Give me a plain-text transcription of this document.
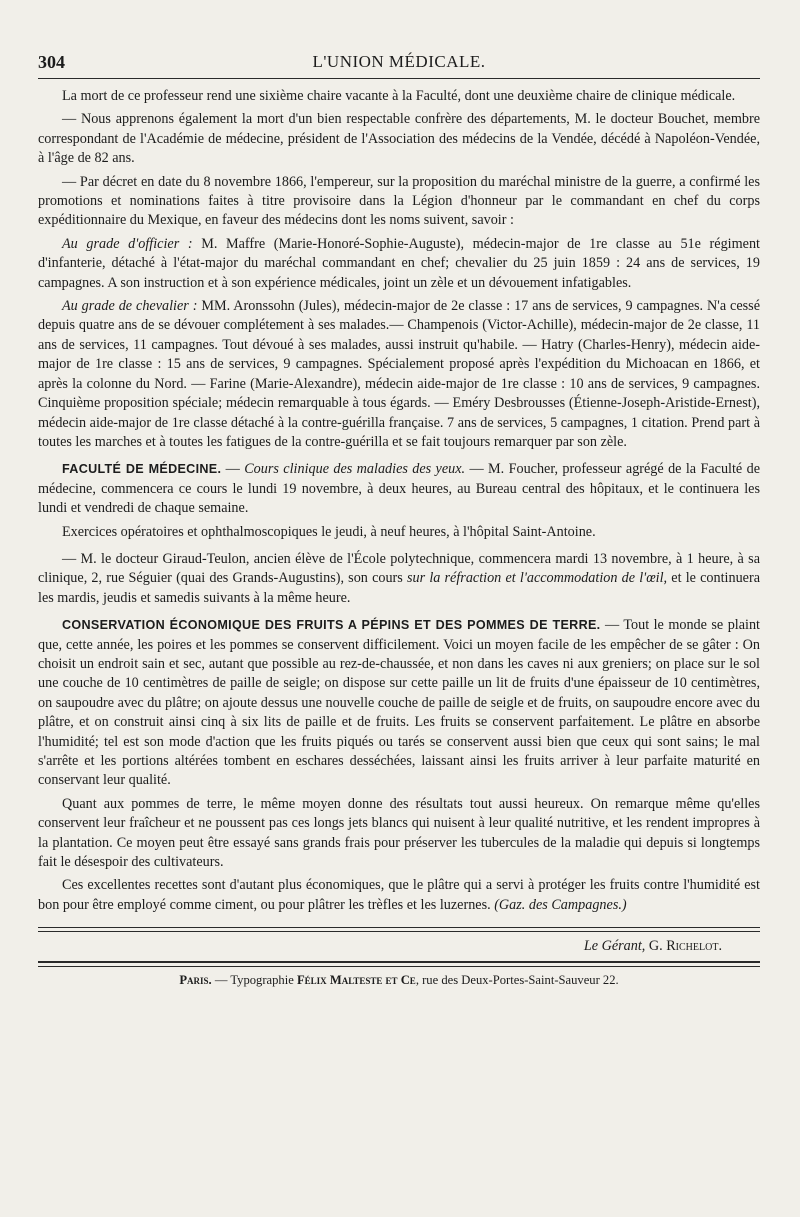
304	L'UNION MÉDICALE.

La mort de ce professeur rend une sixième chaire vacante à la Faculté, dont une deuxième chaire de clinique médicale.

— Nous apprenons également la mort d'un bien respectable confrère des départements, M. le docteur Bouchet, membre correspondant de l'Académie de médecine, président de l'Association des médecins de la Vendée, décédé à Napoléon-Vendée, à l'âge de 82 ans.

— Par décret en date du 8 novembre 1866, l'empereur, sur la proposition du maréchal ministre de la guerre, a confirmé les promotions et nominations faites à titre provisoire dans la Légion d'honneur par le commandant en chef du corps expéditionnaire du Mexique, en faveur des médecins dont les noms suivent, savoir :

Au grade d'officier : M. Maffre (Marie-Honoré-Sophie-Auguste), médecin-major de 1re classe au 51e régiment d'infanterie, détaché à l'état-major du maréchal commandant en chef; chevalier du 25 juin 1859 : 24 ans de services, 19 campagnes. A son instruction et à son expérience médicales, joint un zèle et un dévouement infatigables.

Au grade de chevalier : MM. Aronssohn (Jules), médecin-major de 2e classe : 17 ans de services, 9 campagnes. N'a cessé depuis quatre ans de se dévouer complétement à ses malades.— Champenois (Victor-Achille), médecin-major de 2e classe, 11 ans de services, 11 campagnes. Tout dévoué à ses malades, aussi instruit qu'habile. — Hatry (Charles-Henry), médecin aide-major de 1re classe : 15 ans de services, 9 campagnes. Spécialement proposé après l'expédition du Michoacan en 1866, et après la colonne du Nord. — Farine (Marie-Alexandre), médecin aide-major de 1re classe : 10 ans de services, 9 campagnes. Cinquième proposition spéciale; médecin remarquable à tous égards. — Eméry Desbrousses (Étienne-Joseph-Aristide-Ernest), médecin aide-major de 1re classe détaché à la contre-guérilla française. 7 ans de services, 5 campagnes, 1 citation. Prend part à toutes les marches et à toutes les fatigues de la contre-guérilla et se fait toujours remarquer par son zèle.

FACULTÉ DE MÉDECINE. — Cours clinique des maladies des yeux. — M. Foucher, professeur agrégé de la Faculté de médecine, commencera ce cours le lundi 19 novembre, à deux heures, au Bureau central des hôpitaux, et le continuera les lundi et vendredi de chaque semaine.

Exercices opératoires et ophthalmoscopiques le jeudi, à neuf heures, à l'hôpital Saint-Antoine.

— M. le docteur Giraud-Teulon, ancien élève de l'École polytechnique, commencera mardi 13 novembre, à 1 heure, à sa clinique, 2, rue Séguier (quai des Grands-Augustins), son cours sur la réfraction et l'accommodation de l'œil, et le continuera les mardis, jeudis et samedis suivants à la même heure.

CONSERVATION ÉCONOMIQUE DES FRUITS A PÉPINS ET DES POMMES DE TERRE. — Tout le monde se plaint que, cette année, les poires et les pommes se conservent difficilement. Voici un moyen facile de les empêcher de se gâter : On choisit un endroit sain et sec, autant que possible au rez-de-chaussée, et non dans les caves ni aux greniers; on place sur le sol une couche de 10 centimètres de paille de seigle; on dispose sur cette paille un lit de fruits d'une épaisseur de 10 centimètres, on saupoudre avec du plâtre; on ajoute dessus une nouvelle couche de paille de seigle et de fruits, on saupoudre encore avec du plâtre, et on construit ainsi cinq à six lits de paille et de fruits. Les fruits se conservent parfaitement. Le plâtre en absorbe l'humidité; tel est son mode d'action que les fruits piqués ou tarés se conservent aussi bien que ceux qui sont sains; le mal s'arrête et les portions altérées tombent en eschares desséchées, laissant ainsi les fruits arriver à leur parfaite maturité en conservant leur qualité.

Quant aux pommes de terre, le même moyen donne des résultats tout aussi heureux. On remarque même qu'elles conservent leur fraîcheur et ne poussent pas ces longs jets blancs qui nuisent à leur qualité nutritive, et les rendent impropres à la plantation. Ce moyen peut être essayé sans grands frais pour préserver les tubercules de la maladie qui depuis si longtemps fait le désespoir des cultivateurs.

Ces excellentes recettes sont d'autant plus économiques, que le plâtre qui a servi à protéger les fruits contre l'humidité est bon pour être employé comme ciment, ou pour plâtrer les trèfles et les luzernes. (Gaz. des Campagnes.)

Le Gérant, G. Richelot.
Paris. — Typographie Félix Malteste et Ce, rue des Deux-Portes-Saint-Sauveur 22.
